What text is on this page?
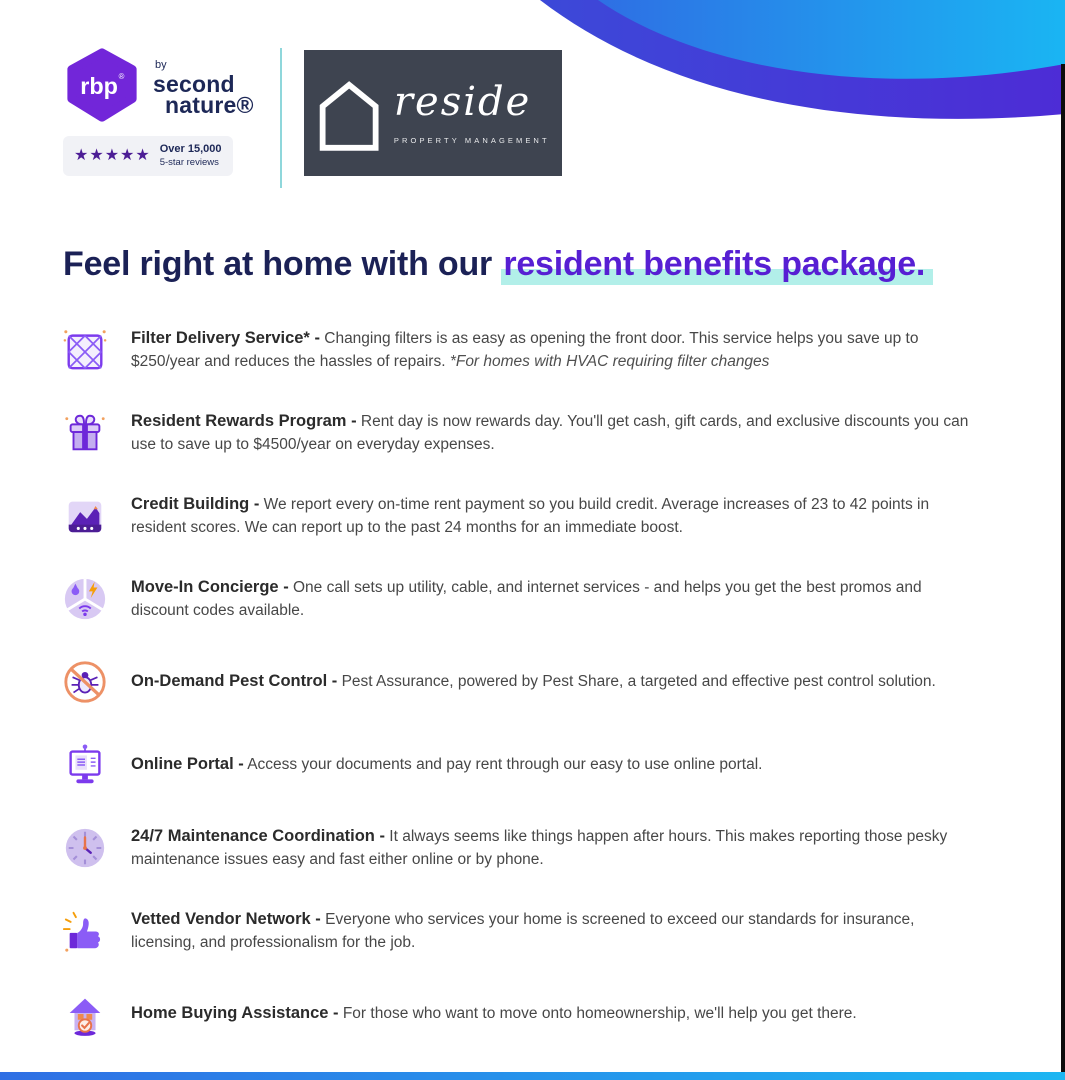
rbp ®
by
second
nature®
★★★★★ Over 15,000
5-star reviews
reside
PROPERTY MANAGEMENT
Feel right at home with our resident benefits package.
Filter Delivery Service* - Changing filters is as easy as opening the front door. This service helps you save up to $250/year and reduces the hassles of repairs. *For homes with HVAC requiring filter changes
Resident Rewards Program - Rent day is now rewards day. You'll get cash, gift cards, and exclusive discounts you can use to save up to $4500/year on everyday expenses.
Credit Building - We report every on-time rent payment so you build credit. Average increases of 23 to 42 points in resident scores. We can report up to the past 24 months for an immediate boost.
Move-In Concierge - One call sets up utility, cable, and internet services - and helps you get the best promos and discount codes available.
On-Demand Pest Control - Pest Assurance, powered by Pest Share, a targeted and effective pest control solution.
Online Portal - Access your documents and pay rent through our easy to use online portal.
24/7 Maintenance Coordination - It always seems like things happen after hours. This makes reporting those pesky maintenance issues easy and fast either online or by phone.
Vetted Vendor Network - Everyone who services your home is screened to exceed our standards for insurance, licensing, and professionalism for the job.
Home Buying Assistance - For those who want to move onto homeownership, we'll help you get there.
